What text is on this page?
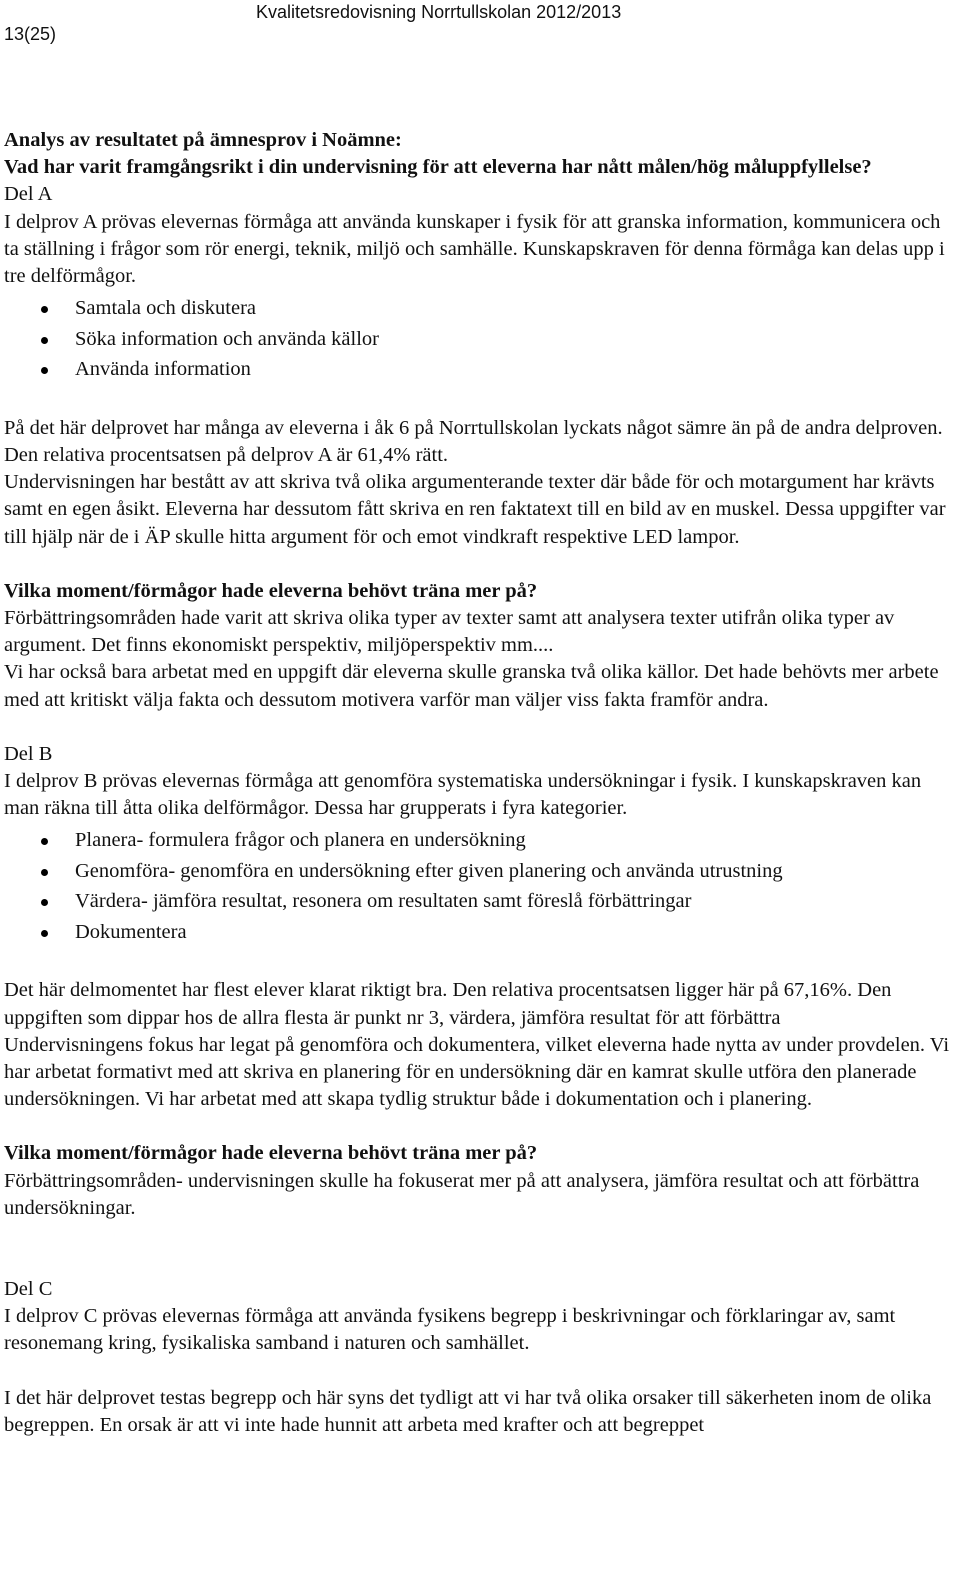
13(25)
Kvalitetsredovisning Norrtullskolan 2012/2013

Analys av resultatet på ämnesprov i Noämne:

Vad har varit framgångsrikt i din undervisning för att eleverna har nått målen/hög måluppfyllelse?

Del A

I delprov A prövas elevernas förmåga att använda kunskaper i fysik för att granska information, kommunicera och ta ställning i frågor som rör energi, teknik, miljö och samhälle. Kunskapskraven för denna förmåga kan delas upp i tre delförmågor.

Samtala och diskutera
Söka information och använda källor
Använda information

På det här delprovet har många av eleverna i åk 6 på Norrtullskolan lyckats något sämre än på de andra delproven. Den relativa procentsatsen på delprov A är 61,4% rätt.

Undervisningen har bestått av att skriva två olika argumenterande texter där både för och motargument har krävts samt en egen åsikt. Eleverna har dessutom fått skriva en ren faktatext till en bild av en muskel. Dessa uppgifter var till hjälp när de i ÄP skulle hitta argument för och emot vindkraft respektive LED lampor.

Vilka moment/förmågor hade eleverna behövt träna mer på?

Förbättringsområden hade varit att skriva olika typer av texter samt att analysera texter utifrån olika typer av argument. Det finns ekonomiskt perspektiv, miljöperspektiv mm....

Vi har också bara arbetat med en uppgift där eleverna skulle granska två olika källor. Det hade behövts mer arbete med att kritiskt välja fakta och dessutom motivera varför man väljer viss fakta framför andra.

Del B

I delprov B prövas elevernas förmåga att genomföra systematiska undersökningar i fysik. I kunskapskraven kan man räkna till åtta olika delförmågor. Dessa har grupperats i fyra kategorier.

Planera- formulera frågor och planera en undersökning
Genomföra- genomföra en undersökning efter given planering och använda utrustning
Värdera- jämföra resultat, resonera om resultaten samt föreslå förbättringar
Dokumentera

Det här delmomentet har flest elever klarat riktigt bra. Den relativa procentsatsen ligger här på 67,16%. Den uppgiften som dippar hos de allra flesta är punkt nr 3, värdera, jämföra resultat för att förbättra

Undervisningens fokus har legat på genomföra och dokumentera, vilket eleverna hade nytta av under provdelen. Vi har arbetat formativt med att skriva en planering för en undersökning där en kamrat skulle utföra den planerade undersökningen. Vi har arbetat med att skapa tydlig struktur både i dokumentation och i planering.

Vilka moment/förmågor hade eleverna behövt träna mer på?

Förbättringsområden- undervisningen skulle ha fokuserat mer på att analysera, jämföra resultat och att förbättra undersökningar.

Del C

I delprov C prövas elevernas förmåga att använda fysikens begrepp i beskrivningar och förklaringar av, samt resonemang kring, fysikaliska samband i naturen och samhället.

I det här delprovet testas begrepp och här syns det tydligt att vi har två olika orsaker till säkerheten inom de olika begreppen. En orsak är att vi inte hade hunnit att arbeta med krafter och att begreppet
